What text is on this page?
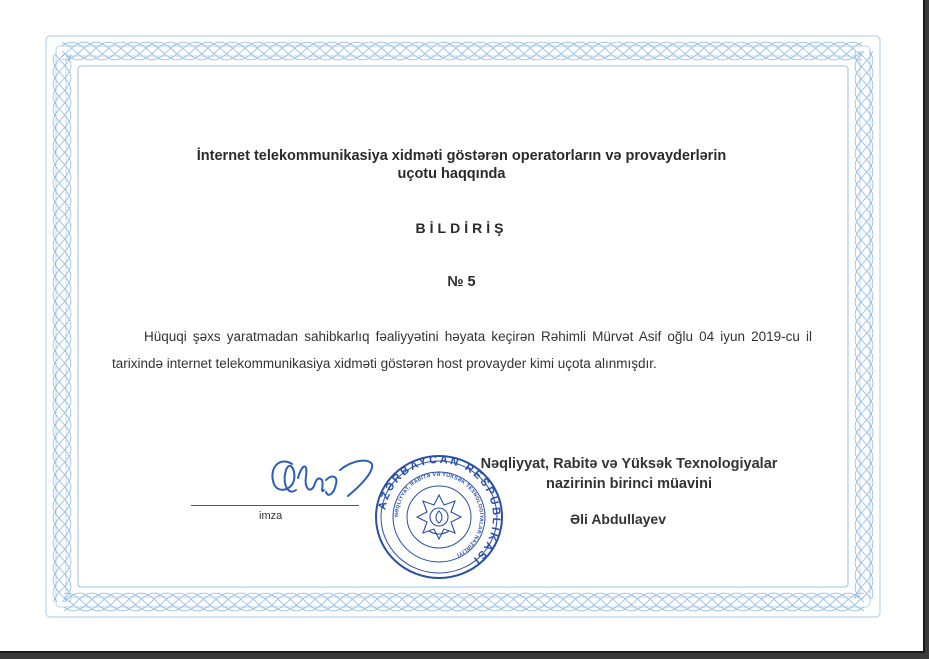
İnternet telekommunikasiya xidməti göstərən operatorların və provayderlərin
uçotu haqqında
BİLDİRİŞ
№ 5
Hüquqi şəxs yaratmadan sahibkarlıq fəaliyyətini həyata keçirən Rəhimli Mürvət Asif oğlu 04 iyun 2019-cu il tarixində internet telekommunikasiya xidməti göstərən host provayder kimi uçota alınmışdır.
imza
AZƏRBAYCAN RESPUBLİKASI
NƏQLİYYAT, RABİTƏ VƏ YÜKSƏK TEXNOLOGİYALAR NAZİRLİYİ
Nəqliyyat, Rabitə və Yüksək Texnologiyalar
nazirinin birinci müavini
Əli Abdullayev
